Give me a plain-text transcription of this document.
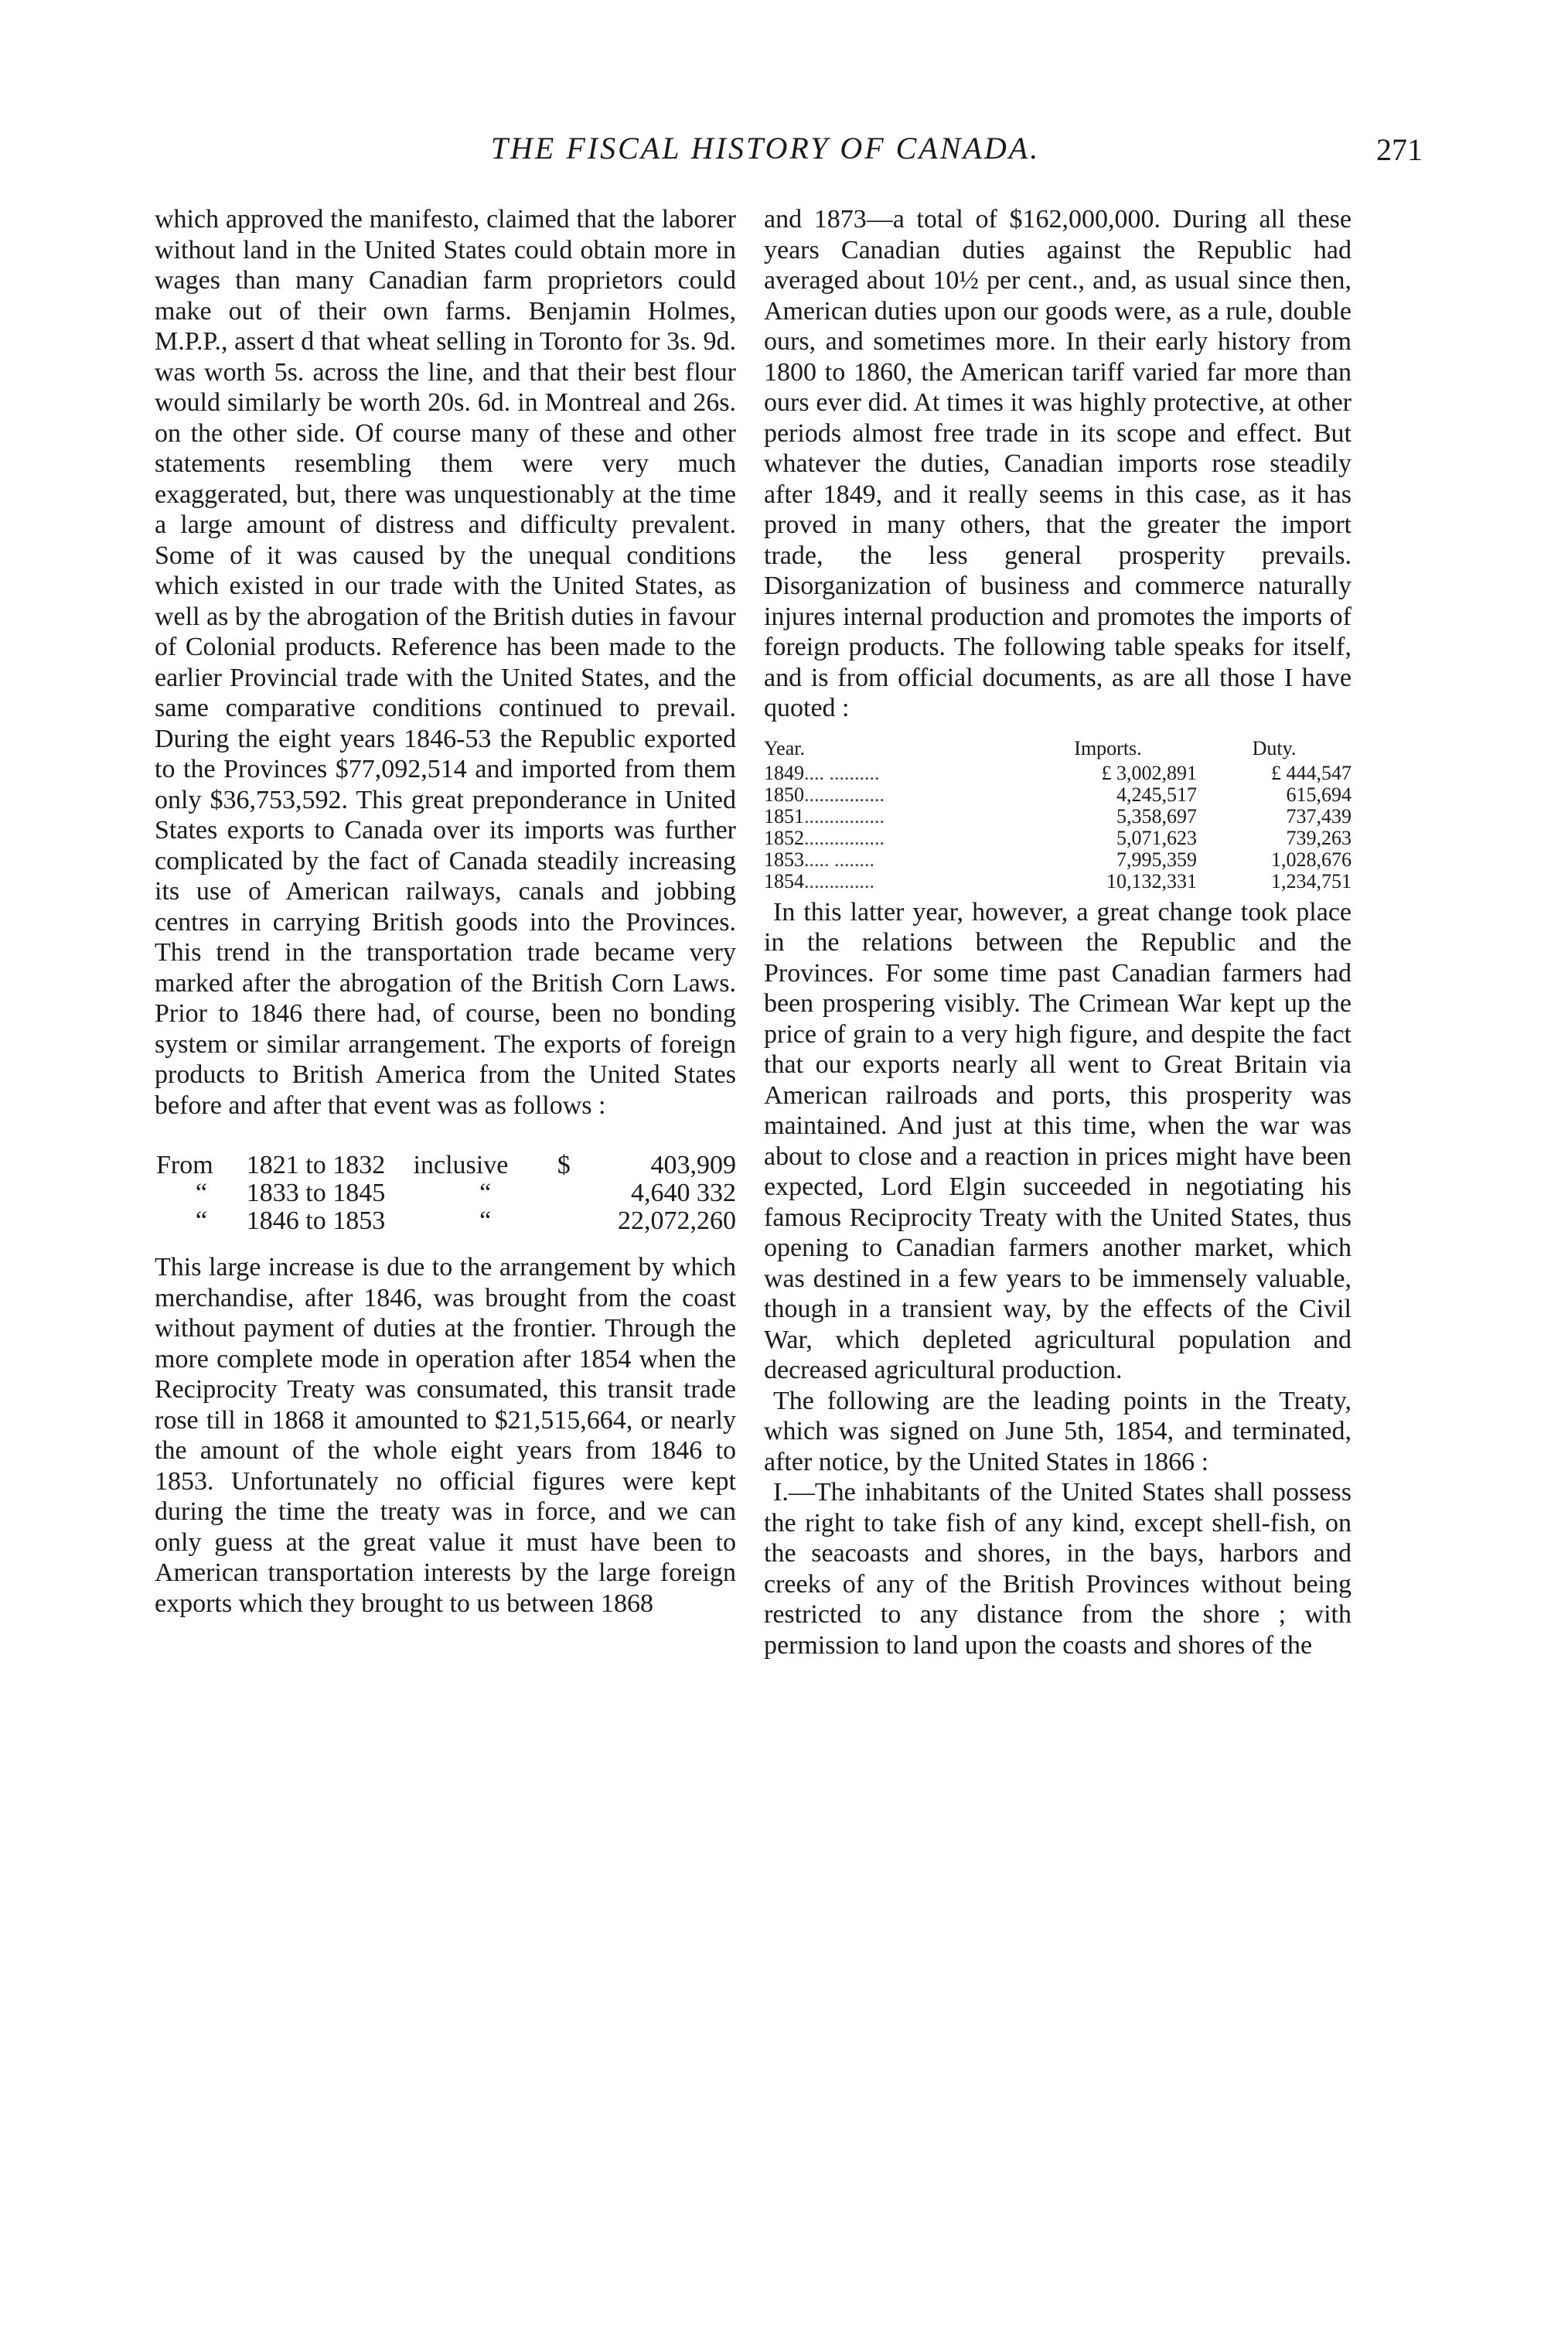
THE FISCAL HISTORY OF CANADA.	271

which approved the manifesto, claimed that the laborer without land in the United States could obtain more in wages than many Canadian farm proprietors could make out of their own farms. Benjamin Holmes, M.P.P., assert d that wheat selling in Toronto for 3s. 9d. was worth 5s. across the line, and that their best flour would similarly be worth 20s. 6d. in Montreal and 26s. on the other side. Of course many of these and other statements resembling them were very much exaggerated, but, there was unquestionably at the time a large amount of distress and difficulty prevalent. Some of it was caused by the unequal conditions which existed in our trade with the United States, as well as by the abrogation of the British duties in favour of Colonial products. Reference has been made to the earlier Provincial trade with the United States, and the same comparative conditions continued to prevail. During the eight years 1846-53 the Republic exported to the Provinces $77,092,514 and imported from them only $36,753,592. This great preponderance in United States exports to Canada over its imports was further complicated by the fact of Canada steadily increasing its use of American railways, canals and jobbing centres in carrying British goods into the Provinces. This trend in the transportation trade became very marked after the abrogation of the British Corn Laws. Prior to 1846 there had, of course, been no bonding system or similar arrangement. The exports of foreign products to British America from the United States before and after that event was as follows :

From	1821 to 1832	inclusive	$	403,909
“	1833 to 1845	“		4,640 332
“	1846 to 1853	“		22,072,260

This large increase is due to the arrangement by which merchandise, after 1846, was brought from the coast without payment of duties at the frontier. Through the more complete mode in operation after 1854 when the Reciprocity Treaty was consumated, this transit trade rose till in 1868 it amounted to $21,515,664, or nearly the amount of the whole eight years from 1846 to 1853. Unfortunately no official figures were kept during the time the treaty was in force, and we can only guess at the great value it must have been to American transportation interests by the large foreign exports which they brought to us between 1868

and 1873—a total of $162,000,000. During all these years Canadian duties against the Republic had averaged about 10½ per cent., and, as usual since then, American duties upon our goods were, as a rule, double ours, and sometimes more. In their early history from 1800 to 1860, the American tariff varied far more than ours ever did. At times it was highly protective, at other periods almost free trade in its scope and effect. But whatever the duties, Canadian imports rose steadily after 1849, and it really seems in this case, as it has proved in many others, that the greater the import trade, the less general prosperity prevails. Disorganization of business and commerce naturally injures internal production and promotes the imports of foreign products. The following table speaks for itself, and is from official documents, as are all those I have quoted :

Year.	Imports.	Duty.
1849.... ..........	£ 3,002,891	£ 444,547
1850................	4,245,517	615,694
1851................	5,358,697	737,439
1852................	5,071,623	739,263
1853..... ........	7,995,359	1,028,676
1854..............	10,132,331	1,234,751

In this latter year, however, a great change took place in the relations between the Republic and the Provinces. For some time past Canadian farmers had been prospering visibly. The Crimean War kept up the price of grain to a very high figure, and despite the fact that our exports nearly all went to Great Britain via American railroads and ports, this prosperity was maintained. And just at this time, when the war was about to close and a reaction in prices might have been expected, Lord Elgin succeeded in negotiating his famous Reciprocity Treaty with the United States, thus opening to Canadian farmers another market, which was destined in a few years to be immensely valuable, though in a transient way, by the effects of the Civil War, which depleted agricultural population and decreased agricultural production.

The following are the leading points in the Treaty, which was signed on June 5th, 1854, and terminated, after notice, by the United States in 1866 :

I.—The inhabitants of the United States shall possess the right to take fish of any kind, except shell-fish, on the seacoasts and shores, in the bays, harbors and creeks of any of the British Provinces without being restricted to any distance from the shore ; with permission to land upon the coasts and shores of the
